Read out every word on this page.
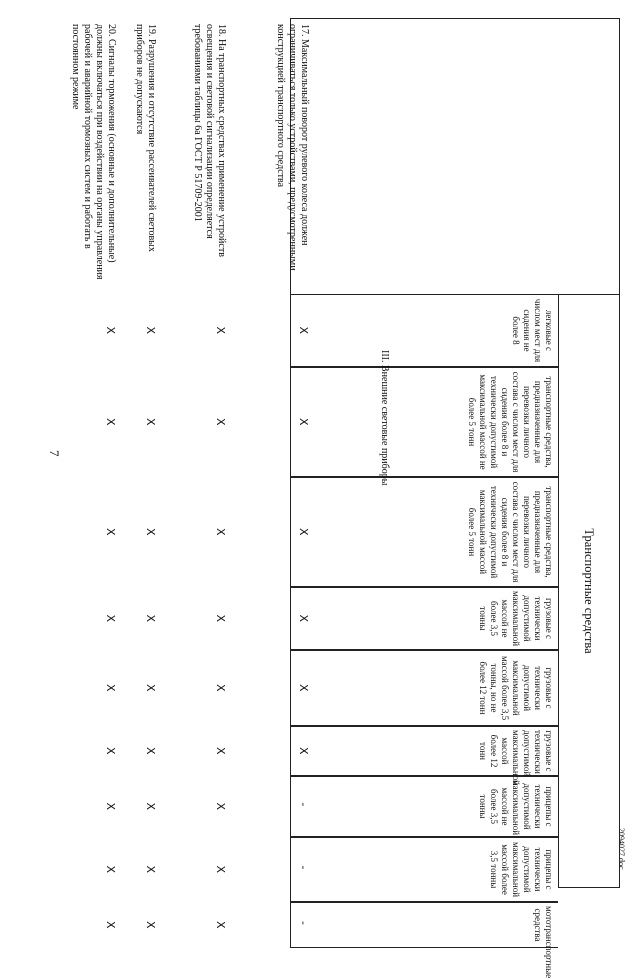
7
2094027.doc
Транспортные средства
легковые с числом мест для сидения не более 8
транспортные средства, предназначенные для перевозки личного состава с числом мест для сидения более 8 и технически допустимой максимальной массой не более 5 тонн
транспортные средства, предназначенные для перевозки личного состава с числом мест для сидения более 8 и технически допустимой максимальной массой более 5 тонн
грузовые с технически допустимой максимальной массой не более 3,5 тонны
грузовые с технически допустимой максимальной массой более 3,5 тонны, но не более 12 тонн
грузовые с технически допустимой максимальной массой более 12 тонн
прицепы с технически допустимой максимальной массой не более 3,5 тонны
прицепы с технически допустимой максимальной массой более 3,5 тонны
мототранспортные средства
III. Внешние световые приборы
17. Максимальный поворот рулевого колеса должен ограничиваться только устройствами, предусмотренными конструкцией транспортного средства
X
X
X
X
X
X
-
-
-
18. На транспортных средствах применение устройств освещения и световой сигнализации определяется требованиями таблицы 6а ГОСТ Р 51709-2001
X
X
X
X
X
X
X
X
X
19. Разрушения и отсутствие рассеивателей световых приборов не допускаются
X
X
X
X
X
X
X
X
X
20. Сигналы торможения (основные и дополнительные) должны включаться при воздействии на органы управления рабочей и аварийной тормозных систем и работать в постоянном режиме
X
X
X
X
X
X
X
X
X
